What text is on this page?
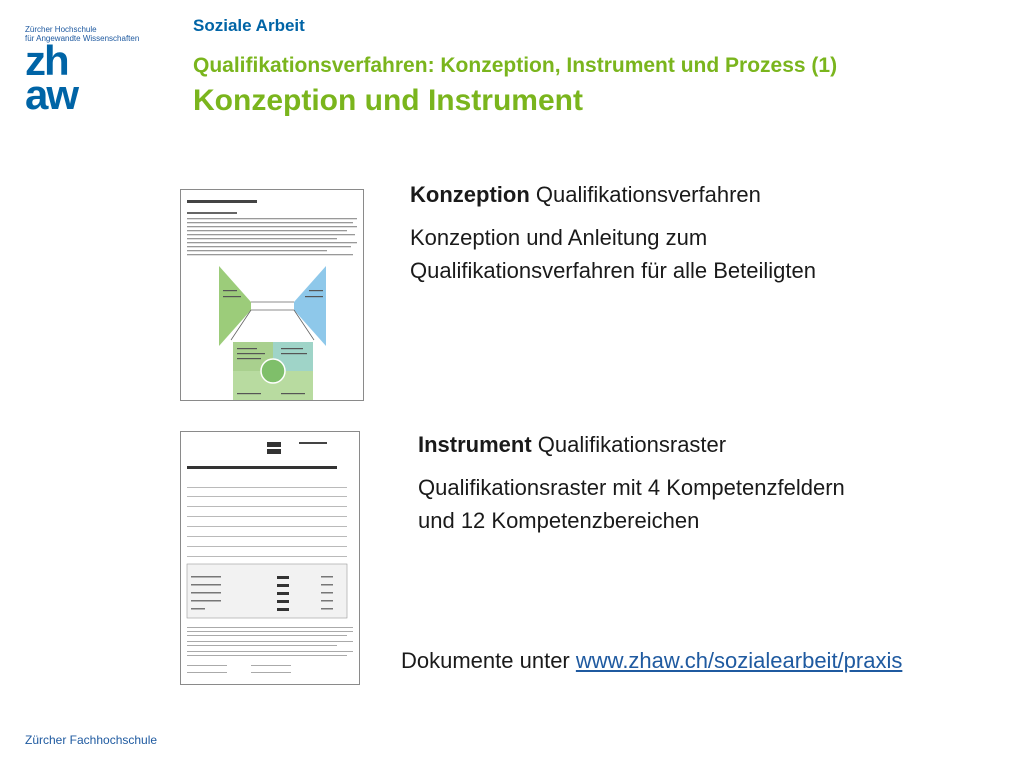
Zürcher Hochschule
für Angewandte Wissenschaften
zh
aw
Soziale Arbeit
Qualifikationsverfahren: Konzeption, Instrument und Prozess (1)
Konzeption und Instrument
Konzeption Qualifikationsverfahren
Konzeption und Anleitung zum
Qualifikationsverfahren für alle Beteiligten
Instrument Qualifikationsraster
Qualifikationsraster mit 4 Kompetenzfeldern
und 12 Kompetenzbereichen
Dokumente unter www.zhaw.ch/sozialearbeit/praxis
Zürcher Fachhochschule
